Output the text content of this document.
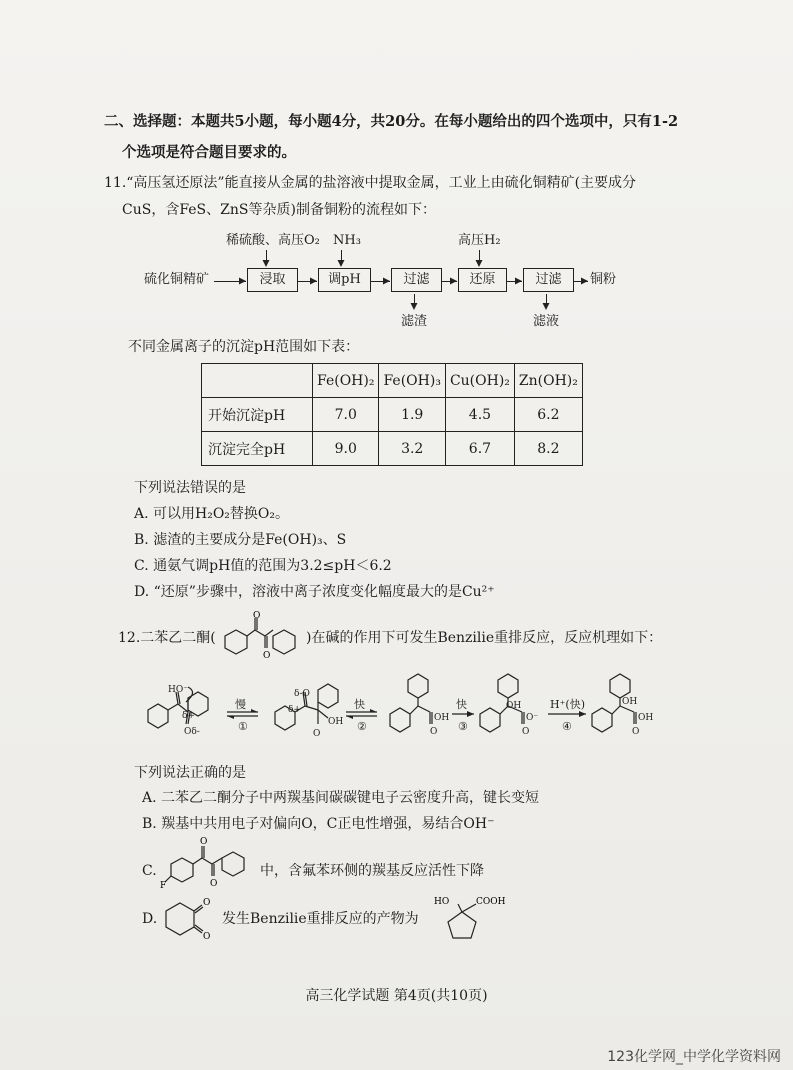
二、选择题：本题共5小题，每小题4分，共20分。在每小题给出的四个选项中，只有1-2
个选项是符合题目要求的。
11.“高压氢还原法”能直接从金属的盐溶液中提取金属，工业上由硫化铜精矿(主要成分
CuS，含FeS、ZnS等杂质)制备铜粉的流程如下：
稀硫酸、高压O₂ NH₃	高压H₂
硫化铜精矿	浸取	调pH	过滤	还原	过滤	铜粉
滤渣	滤液
不同金属离子的沉淀pH范围如下表：
	Fe(OH)₂	Fe(OH)₃	Cu(OH)₂	Zn(OH)₂
开始沉淀pH	7.0	1.9	4.5	6.2
沉淀完全pH	9.0	3.2	6.7	8.2
下列说法错误的是
A. 可以用H₂O₂替换O₂。
B. 滤渣的主要成分是Fe(OH)₃、S
C. 通氨气调pH值的范围为3.2≤pH＜6.2
D. “还原”步骤中，溶液中离子浓度变化幅度最大的是Cu²⁺
12.二苯乙二酮(
O
O
)在碱的作用下可发生Benzilie重排反应，反应机理如下：
HO⁻
δ+
Oδ-
δ-O
δ+
O
OH
O
OH
OH
O⁻
O
OH
OH
O
慢
①
快
②
快
③
H⁺(快)
④
下列说法正确的是
A. 二苯乙二酮分子中两羰基间碳碳键电子云密度升高，键长变短
B. 羰基中共用电子对偏向O，C正电性增强，易结合OH⁻
C.
F
O
O
中，含氟苯环侧的羰基反应活性下降
D.
O
O
发生Benzilie重排反应的产物为
HO	COOH
高三化学试题 第4页(共10页)
123化学网_中学化学资料网
